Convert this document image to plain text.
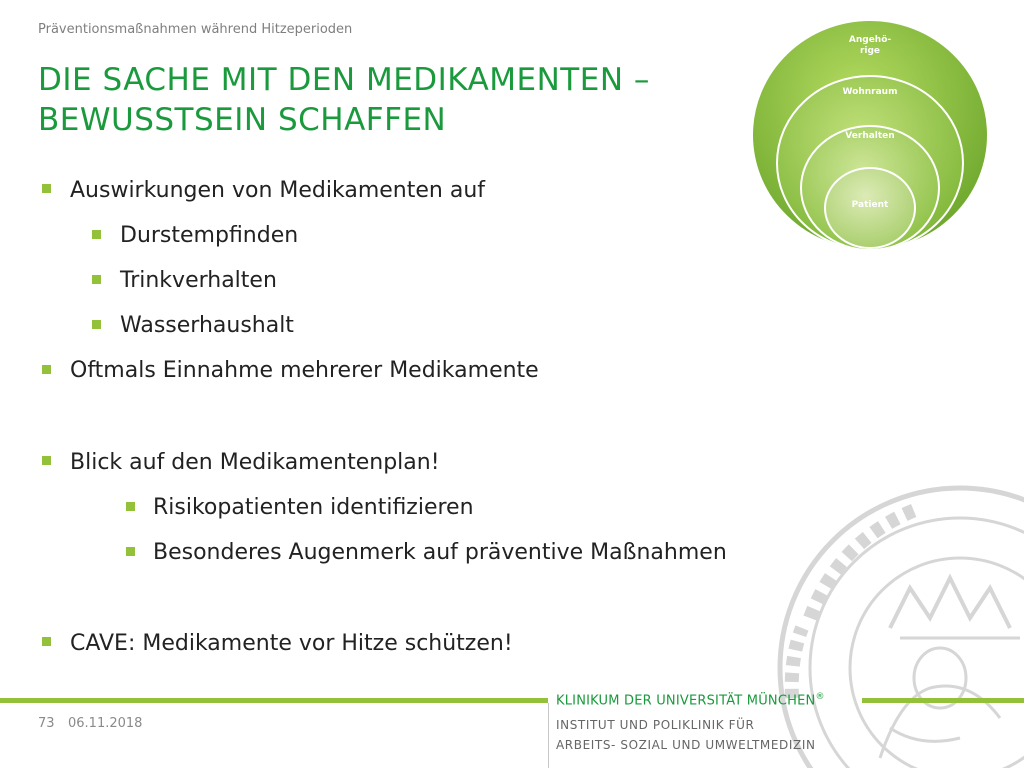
Präventionsmaßnahmen während Hitzeperioden
DIE SACHE MIT DEN MEDIKAMENTEN –
BEWUSSTSEIN SCHAFFEN
Angehö-
rige
Wohnraum
Verhalten
Patient
Auswirkungen von Medikamenten auf
Durstempfinden
Trinkverhalten
Wasserhaushalt
Oftmals Einnahme mehrerer Medikamente
Blick auf den Medikamentenplan!
Risikopatienten identifizieren
Besonderes Augenmerk auf präventive Maßnahmen
CAVE: Medikamente vor Hitze schützen!
KLINIKUM DER UNIVERSITÄT MÜNCHEN®
INSTITUT UND POLIKLINIK FÜR
ARBEITS- SOZIAL UND UMWELTMEDIZIN
73 06.11.2018
